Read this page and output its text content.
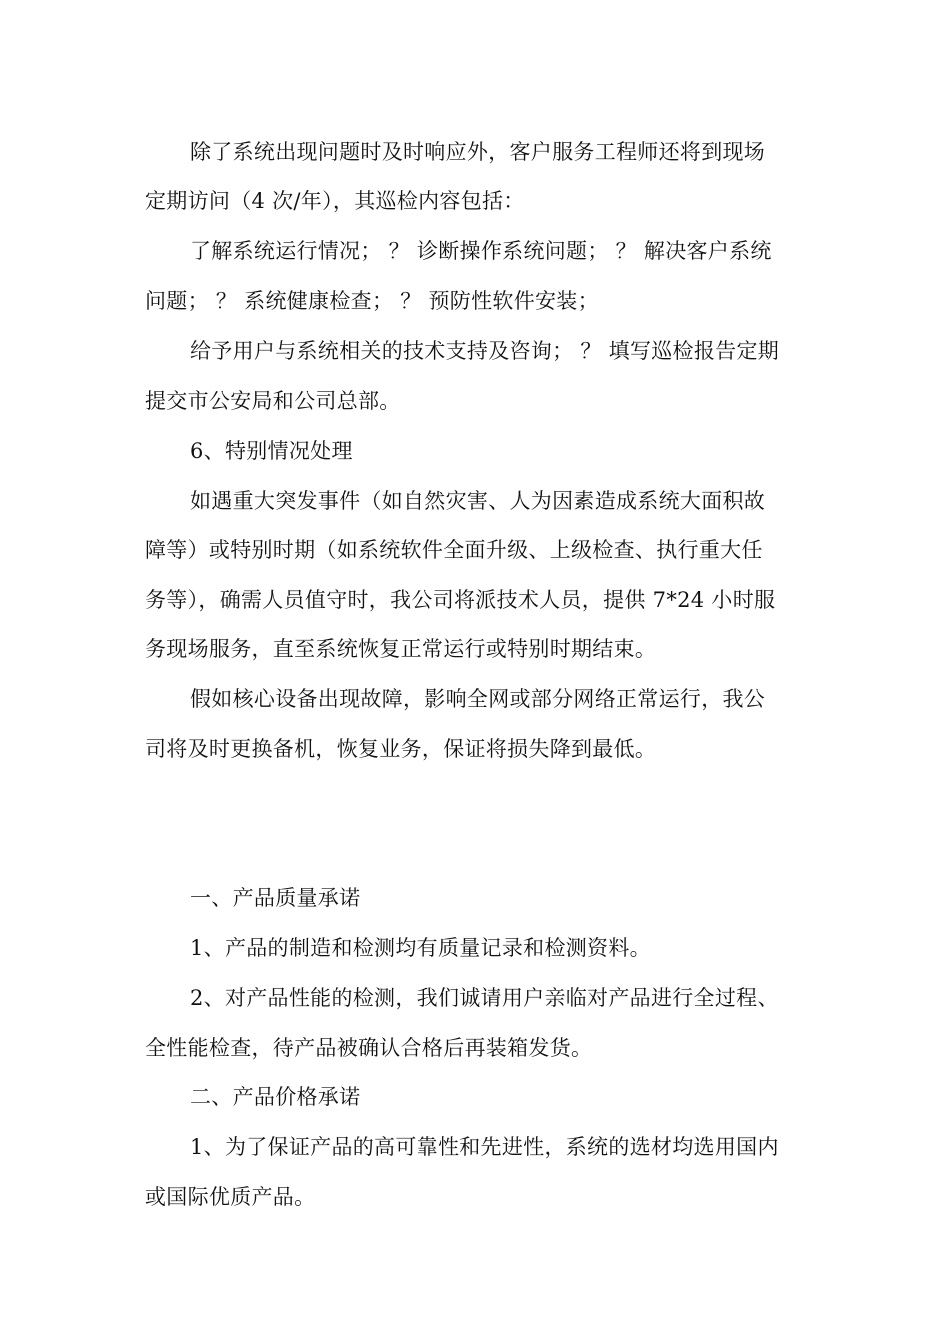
除了系统出现问题时及时响应外，客户服务工程师还将到现场
定期访问（4 次/年），其巡检内容包括：
了解系统运行情况； ？ 诊断操作系统问题； ？ 解决客户系统
问题； ？ 系统健康检查； ？ 预防性软件安装；
给予用户与系统相关的技术支持及咨询； ？ 填写巡检报告定期
提交市公安局和公司总部。
6、特别情况处理
如遇重大突发事件（如自然灾害、人为因素造成系统大面积故
障等）或特别时期（如系统软件全面升级、上级检查、执行重大任
务等），确需人员值守时，我公司将派技术人员，提供 7*24 小时服
务现场服务，直至系统恢复正常运行或特别时期结束。
假如核心设备出现故障，影响全网或部分网络正常运行，我公
司将及时更换备机，恢复业务，保证将损失降到最低。
一、产品质量承诺
1、产品的制造和检测均有质量记录和检测资料。
2、对产品性能的检测，我们诚请用户亲临对产品进行全过程、
全性能检查，待产品被确认合格后再装箱发货。
二、产品价格承诺
1、为了保证产品的高可靠性和先进性，系统的选材均选用国内
或国际优质产品。
